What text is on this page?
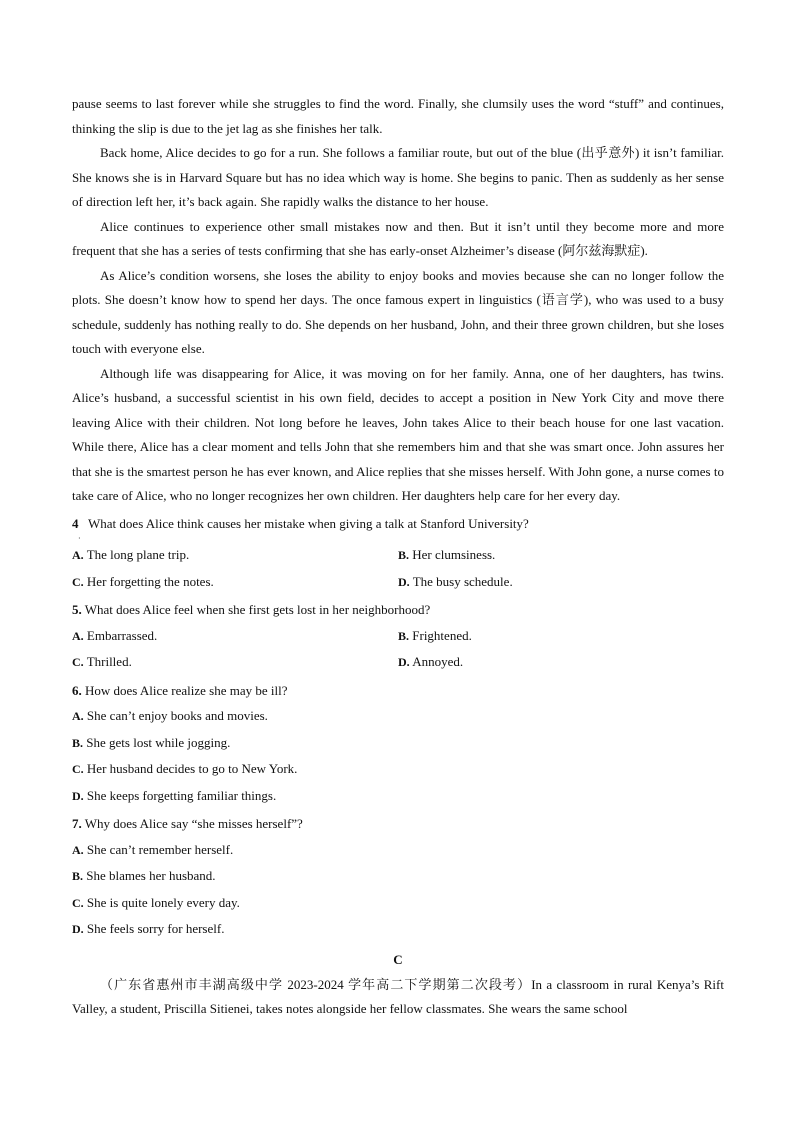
pause seems to last forever while she struggles to find the word. Finally, she clumsily uses the word “stuff” and continues, thinking the slip is due to the jet lag as she finishes her talk.

Back home, Alice decides to go for a run. She follows a familiar route, but out of the blue (出乎意外) it isn’t familiar. She knows she is in Harvard Square but has no idea which way is home. She begins to panic. Then as suddenly as her sense of direction left her, it’s back again. She rapidly walks the distance to her house.

Alice continues to experience other small mistakes now and then. But it isn’t until they become more and more frequent that she has a series of tests confirming that she has early-onset Alzheimer’s disease (阿尔兹海默症).

As Alice’s condition worsens, she loses the ability to enjoy books and movies because she can no longer follow the plots. She doesn’t know how to spend her days. The once famous expert in linguistics (语言学), who was used to a busy schedule, suddenly has nothing really to do. She depends on her husband, John, and their three grown children, but she loses touch with everyone else.

Although life was disappearing for Alice, it was moving on for her family. Anna, one of her daughters, has twins. Alice’s husband, a successful scientist in his own field, decides to accept a position in New York City and move there leaving Alice with their children. Not long before he leaves, John takes Alice to their beach house for one last vacation. While there, Alice has a clear moment and tells John that she remembers him and that she was smart once. John assures her that she is the smartest person he has ever known, and Alice replies that she misses herself. With John gone, a nurse comes to take care of Alice, who no longer recognizes her own children. Her daughters help care for her every day.

4 What does Alice think causes her mistake when giving a talk at Stanford University?
·
A. The long plane trip.	B. Her clumsiness.
C. Her forgetting the notes.	D. The busy schedule.
5. What does Alice feel when she first gets lost in her neighborhood?
A. Embarrassed.	B. Frightened.
C. Thrilled.	D. Annoyed.
6. How does Alice realize she may be ill?
A. She can’t enjoy books and movies.
B. She gets lost while jogging.
C. Her husband decides to go to New York.
D. She keeps forgetting familiar things.
7. Why does Alice say “she misses herself”?
A. She can’t remember herself.
B. She blames her husband.
C. She is quite lonely every day.
D. She feels sorry for herself.
C

（广东省惠州市丰湖高级中学 2023-2024 学年高二下学期第二次段考）In a classroom in rural Kenya’s Rift Valley, a student, Priscilla Sitienei, takes notes alongside her fellow classmates. She wears the same school
